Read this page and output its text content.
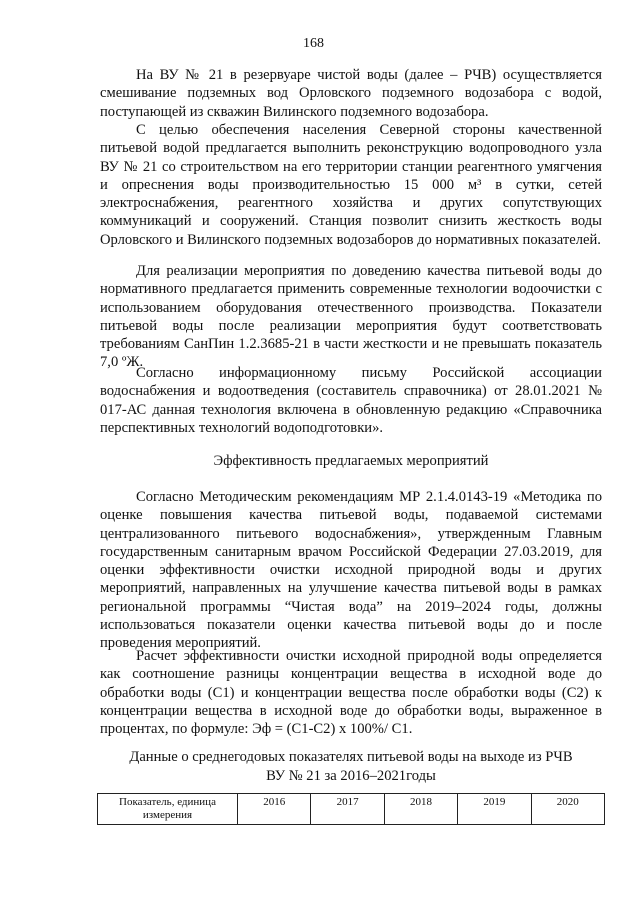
168

На ВУ № 21 в резервуаре чистой воды (далее – РЧВ) осуществляется смешивание подземных вод Орловского подземного водозабора с водой, поступающей из скважин Вилинского подземного водозабора.

С целью обеспечения населения Северной стороны качественной питьевой водой предлагается выполнить реконструкцию водопроводного узла ВУ № 21 со строительством на его территории станции реагентного умягчения и опреснения воды производительностью 15 000 м³ в сутки, сетей электроснабжения, реагентного хозяйства и других сопутствующих коммуникаций и сооружений. Станция позволит снизить жесткость воды Орловского и Вилинского подземных водозаборов до нормативных показателей.

Для реализации мероприятия по доведению качества питьевой воды до нормативного предлагается применить современные технологии водоочистки с использованием оборудования отечественного производства. Показатели питьевой воды после реализации мероприятия будут соответствовать требованиям СанПин 1.2.3685-21 в части жесткости и не превышать показатель 7,0 ºЖ.

Согласно информационному письму Российской ассоциации водоснабжения и водоотведения (составитель справочника) от 28.01.2021 № 017-АС данная технология включена в обновленную редакцию «Справочника перспективных технологий водоподготовки».

Эффективность предлагаемых мероприятий

Согласно Методическим рекомендациям МР 2.1.4.0143-19 «Методика по оценке повышения качества питьевой воды, подаваемой системами централизованного питьевого водоснабжения», утвержденным Главным государственным санитарным врачом Российской Федерации 27.03.2019, для оценки эффективности очистки исходной природной воды и других мероприятий, направленных на улучшение качества питьевой воды в рамках региональной программы “Чистая вода” на 2019–2024 годы, должны использоваться показатели оценки качества питьевой воды до и после проведения мероприятий.

Расчет эффективности очистки исходной природной воды определяется как соотношение разницы концентрации вещества в исходной воде до обработки воды (С1) и концентрации вещества после обработки воды (С2) к концентрации вещества в исходной воде до обработки воды, выраженное в процентах, по формуле: Эф = (С1-С2) х 100%/ С1.

Данные о среднегодовых показателях питьевой воды на выходе из РЧВ

ВУ № 21 за 2016–2021годы

Показатель, единица измерения	2016	2017	2018	2019	2020
